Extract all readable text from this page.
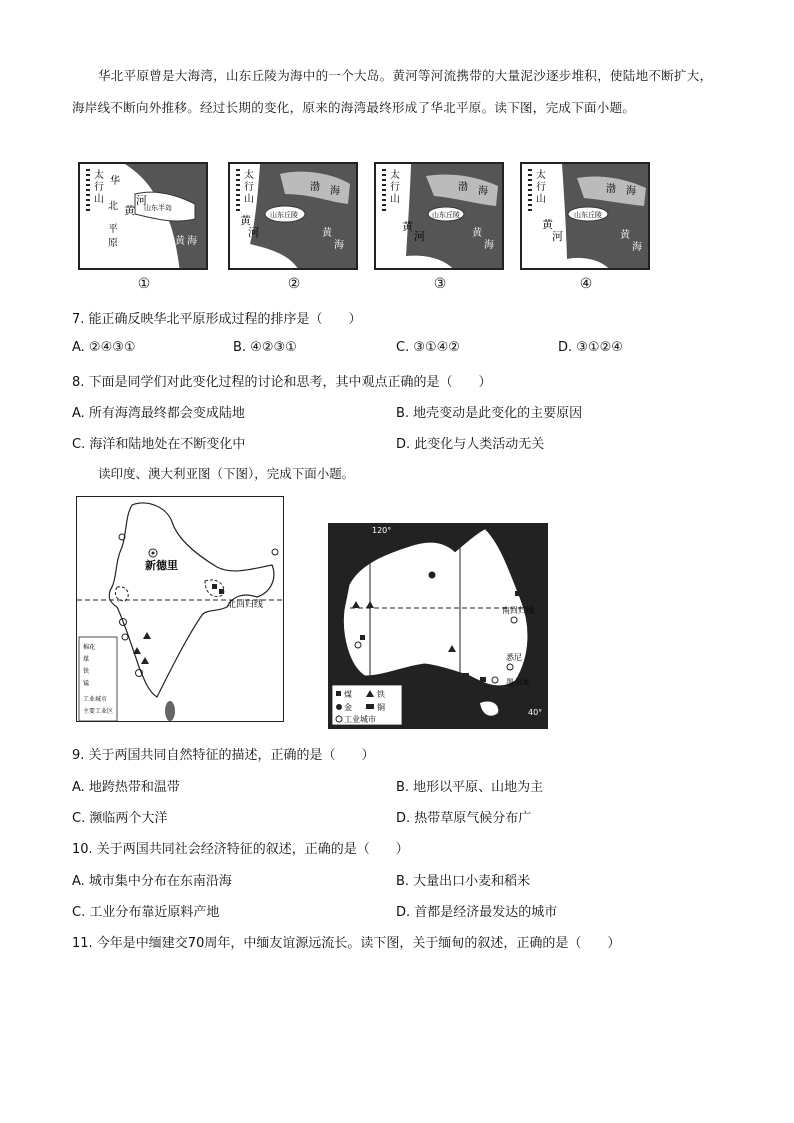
华北平原曾是大海湾，山东丘陵为海中的一个大岛。黄河等河流携带的大量泥沙逐步堆积，使陆地不断扩大，海岸线不断向外推移。经过长期的变化，原来的海湾最终形成了华北平原。读下图，完成下面小题。
太
行
山
华
北
平
原
黄
河
山东半岛
黄 海
太
行
山
渤 海
山东丘陵
黄
河	黄
海
太
行
山
渤 海
山东丘陵
黄
河	黄
海
太
行
山
渤 海
山东丘陵
黄
河	黄
海
①	②	③	④
7. 能正确反映华北平原形成过程的排序是（　　）
A. ②④③①	B. ④②③①	C. ③①④②	D. ③①②④
8. 下面是同学们对此变化过程的讨论和思考，其中观点正确的是（　　）
A. 所有海湾最终都会变成陆地	B. 地壳变动是此变化的主要原因
C. 海洋和陆地处在不断变化中	D. 此变化与人类活动无关
读印度、澳大利亚图（下图），完成下面小题。
新德里
北回归线
棉花
煤
铁
锰
工业城市
主要工业区
120°	140°
南回归线
40°
悉尼
墨尔本
煤	铁
金	铜
工业城市
9. 关于两国共同自然特征的描述，正确的是（　　）
A. 地跨热带和温带	B. 地形以平原、山地为主
C. 濒临两个大洋	D. 热带草原气候分布广
10. 关于两国共同社会经济特征的叙述，正确的是（　　）
A. 城市集中分布在东南沿海	B. 大量出口小麦和稻米
C. 工业分布靠近原料产地	D. 首都是经济最发达的城市
11. 今年是中缅建交70周年，中缅友谊源远流长。读下图，关于缅甸的叙述，正确的是（　　）
